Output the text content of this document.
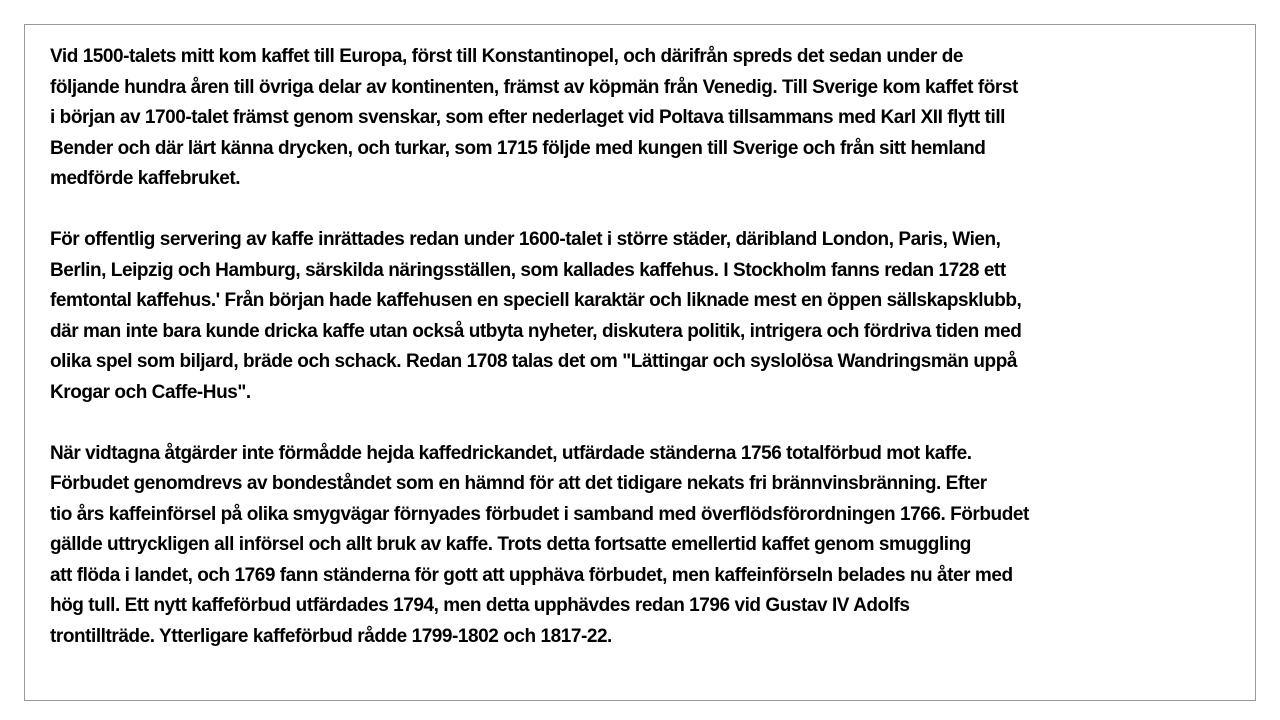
Vid 1500-talets mitt kom kaffet till Europa, först till Konstantinopel, och därifrån spreds det sedan under de
följande hundra åren till övriga delar av kontinenten, främst av köpmän från Venedig. Till Sverige kom kaffet först
i början av 1700-talet främst genom svenskar, som efter nederlaget vid Poltava tillsammans med Karl XII flytt till
Bender och där lärt känna drycken, och turkar, som 1715 följde med kungen till Sverige och från sitt hemland
medförde kaffebruket.

För offentlig servering av kaffe inrättades redan under 1600-talet i större städer, däribland London, Paris, Wien,
Berlin, Leipzig och Hamburg, särskilda näringsställen, som kallades kaffehus. I Stockholm fanns redan 1728 ett
femtontal kaffehus.' Från början hade kaffehusen en speciell karaktär och liknade mest en öppen sällskapsklubb,
där man inte bara kunde dricka kaffe utan också utbyta nyheter, diskutera politik, intrigera och fördriva tiden med
olika spel som biljard, bräde och schack. Redan 1708 talas det om "Lättingar och syslolösa Wandringsmän uppå
Krogar och Caffe-Hus".

När vidtagna åtgärder inte förmådde hejda kaffedrickandet, utfärdade ständerna 1756 totalförbud mot kaffe.
Förbudet genomdrevs av bondeståndet som en hämnd för att det tidigare nekats fri brännvinsbränning. Efter
tio års kaffeinförsel på olika smygvägar förnyades förbudet i samband med överflödsförordningen 1766. Förbudet
gällde uttryckligen all införsel och allt bruk av kaffe. Trots detta fortsatte emellertid kaffet genom smuggling
att flöda i landet, och 1769 fann ständerna för gott att upphäva förbudet, men kaffeinförseln belades nu åter med
hög tull. Ett nytt kaffeförbud utfärdades 1794, men detta upphävdes redan 1796 vid Gustav IV Adolfs
trontillträde. Ytterligare kaffeförbud rådde 1799-1802 och 1817-22.
